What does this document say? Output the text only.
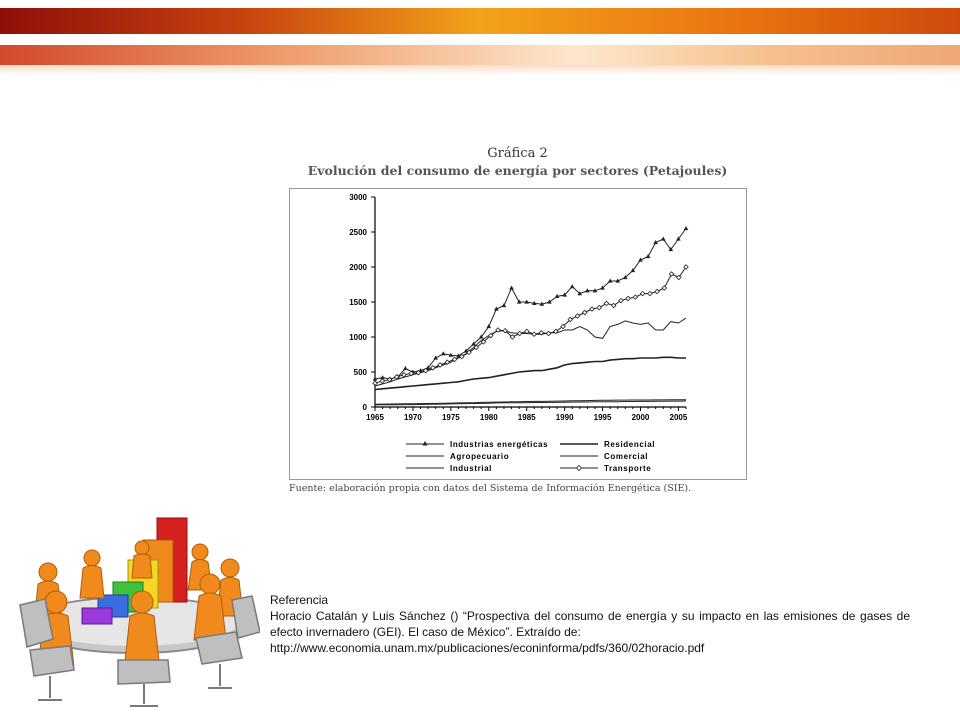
Gráfica 2
Evolución del consumo de energía por sectores (Petajoules)
0
500
1000
1500
2000
2500
3000
1965	1970	1975	1980	1985	1990	1995	2000	2005
Industrias energéticas	Residencial
Agropecuario	Comercial
Industrial	Transporte
Fuente: elaboración propia con datos del Sistema de Información Energética (SIE).
Referencia
Horacio Catalán y Luis Sánchez () “Prospectiva del consumo de energía y su impacto en las emisiones de gases de efecto invernadero (GEI). El caso de México”. Extraído de:
http://www.economia.unam.mx/publicaciones/econinforma/pdfs/360/02horacio.pdf
